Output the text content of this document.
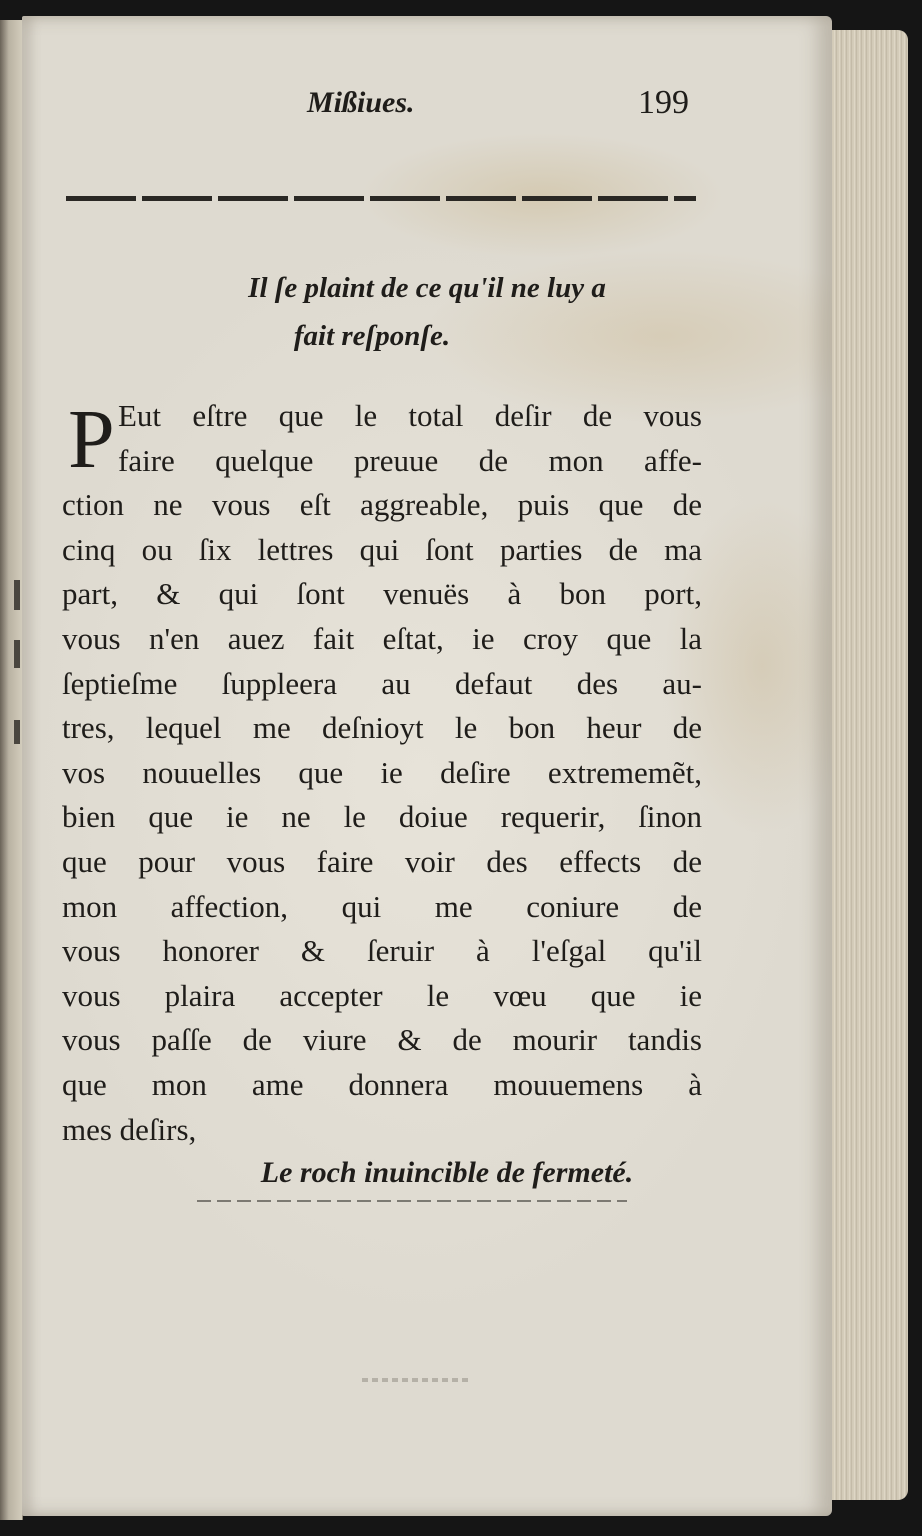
Mißiues.	199
Il ſe plaint de ce qu'il ne luy a
fait reſponſe.
P Eut eſtre que le total deſir de vous
faire quelque preuue de mon affe-
ction ne vous eſt aggreable, puis que de
cinq ou ſix lettres qui ſont parties de ma
part, & qui ſont venuës à bon port,
vous n'en auez fait eſtat, ie croy que la
ſeptieſme ſuppleera au defaut des au-
tres, lequel me deſnioyt le bon heur de
vos nouuelles que ie deſire extrememẽt,
bien que ie ne le doiue requerir, ſinon
que pour vous faire voir des effects de
mon affection, qui me coniure de
vous honorer & ſeruir à l'eſgal qu'il
vous plaira accepter le vœu que ie
vous paſſe de viure & de mourir tandis
que mon ame donnera mouuemens à
mes deſirs,
Le roch inuincible de fermeté.
